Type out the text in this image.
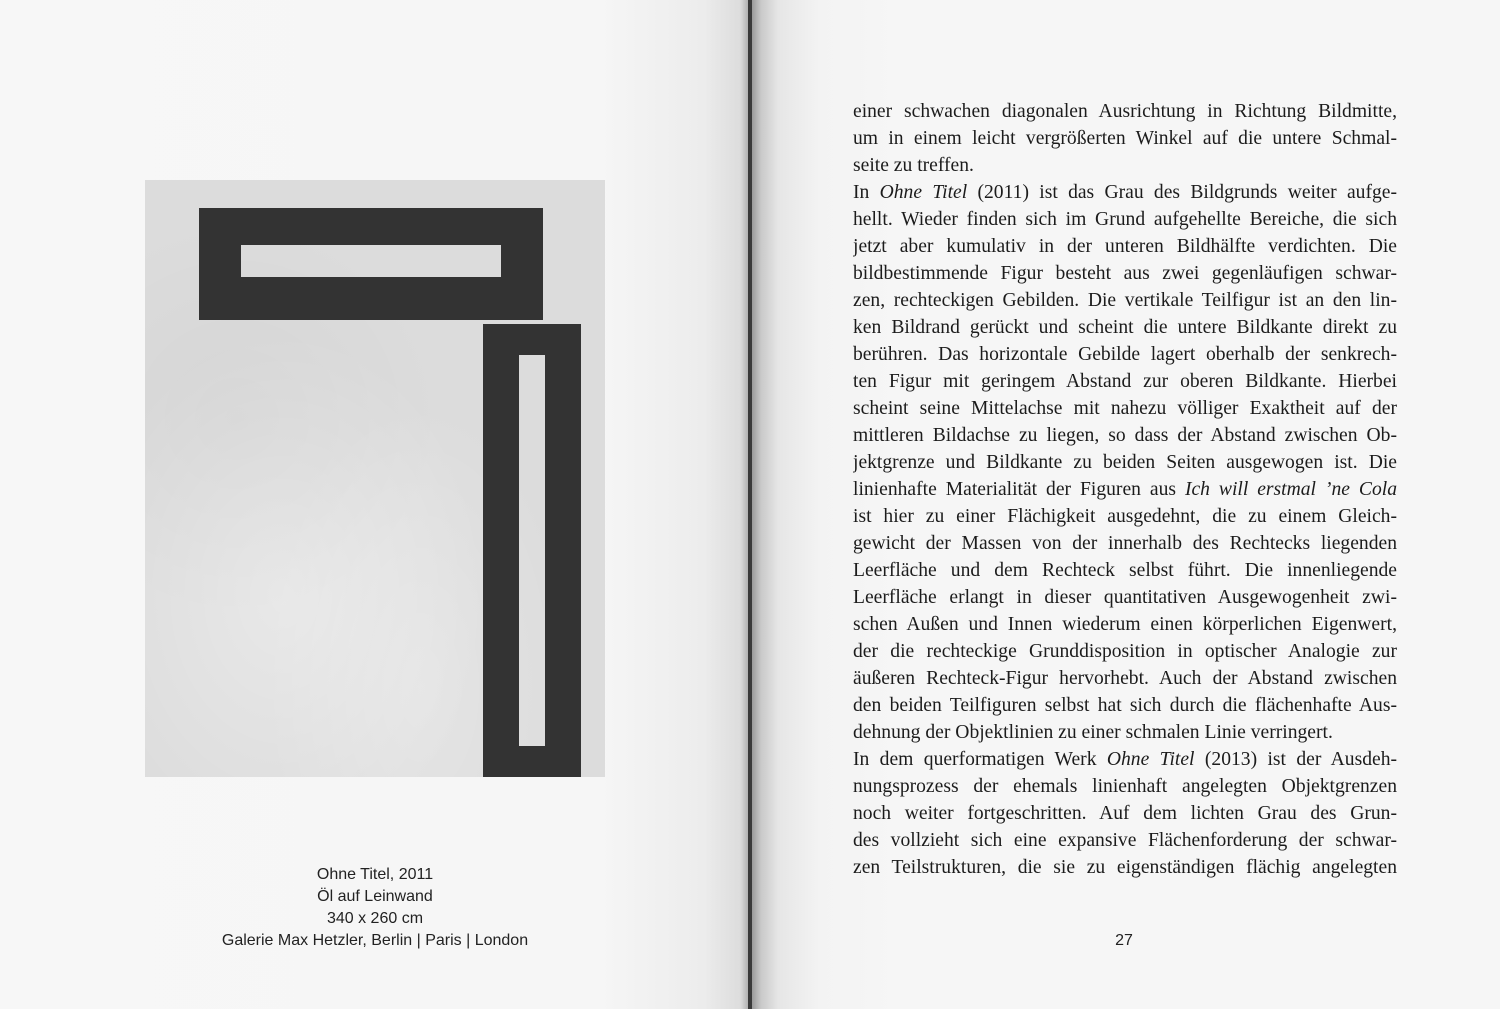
Ohne Titel, 2011
Öl auf Leinwand
340 x 260 cm
Galerie Max Hetzler, Berlin | Paris | London
einer schwachen diagonalen Ausrichtung in Richtung Bildmitte,
um in einem leicht vergrößerten Winkel auf die untere Schmal-
seite zu treffen.
In Ohne Titel (2011) ist das Grau des Bildgrunds weiter aufge-
hellt. Wieder finden sich im Grund aufgehellte Bereiche, die sich
jetzt aber kumulativ in der unteren Bildhälfte verdichten. Die
bildbestimmende Figur besteht aus zwei gegenläufigen schwar-
zen, rechteckigen Gebilden. Die vertikale Teilfigur ist an den lin-
ken Bildrand gerückt und scheint die untere Bildkante direkt zu
berühren. Das horizontale Gebilde lagert oberhalb der senkrech-
ten Figur mit geringem Abstand zur oberen Bildkante. Hierbei
scheint seine Mittelachse mit nahezu völliger Exaktheit auf der
mittleren Bildachse zu liegen, so dass der Abstand zwischen Ob-
jektgrenze und Bildkante zu beiden Seiten ausgewogen ist. Die
linienhafte Materialität der Figuren aus Ich will erstmal ’ne Cola
ist hier zu einer Flächigkeit ausgedehnt, die zu einem Gleich-
gewicht der Massen von der innerhalb des Rechtecks liegenden
Leerfläche und dem Rechteck selbst führt. Die innenliegende
Leerfläche erlangt in dieser quantitativen Ausgewogenheit zwi-
schen Außen und Innen wiederum einen körperlichen Eigenwert,
der die rechteckige Grunddisposition in optischer Analogie zur
äußeren Rechteck-Figur hervorhebt. Auch der Abstand zwischen
den beiden Teilfiguren selbst hat sich durch die flächenhafte Aus-
dehnung der Objektlinien zu einer schmalen Linie verringert.
In dem querformatigen Werk Ohne Titel (2013) ist der Ausdeh-
nungsprozess der ehemals linienhaft angelegten Objektgrenzen
noch weiter fortgeschritten. Auf dem lichten Grau des Grun-
des vollzieht sich eine expansive Flächenforderung der schwar-
zen Teilstrukturen, die sie zu eigenständigen flächig angelegten
27
